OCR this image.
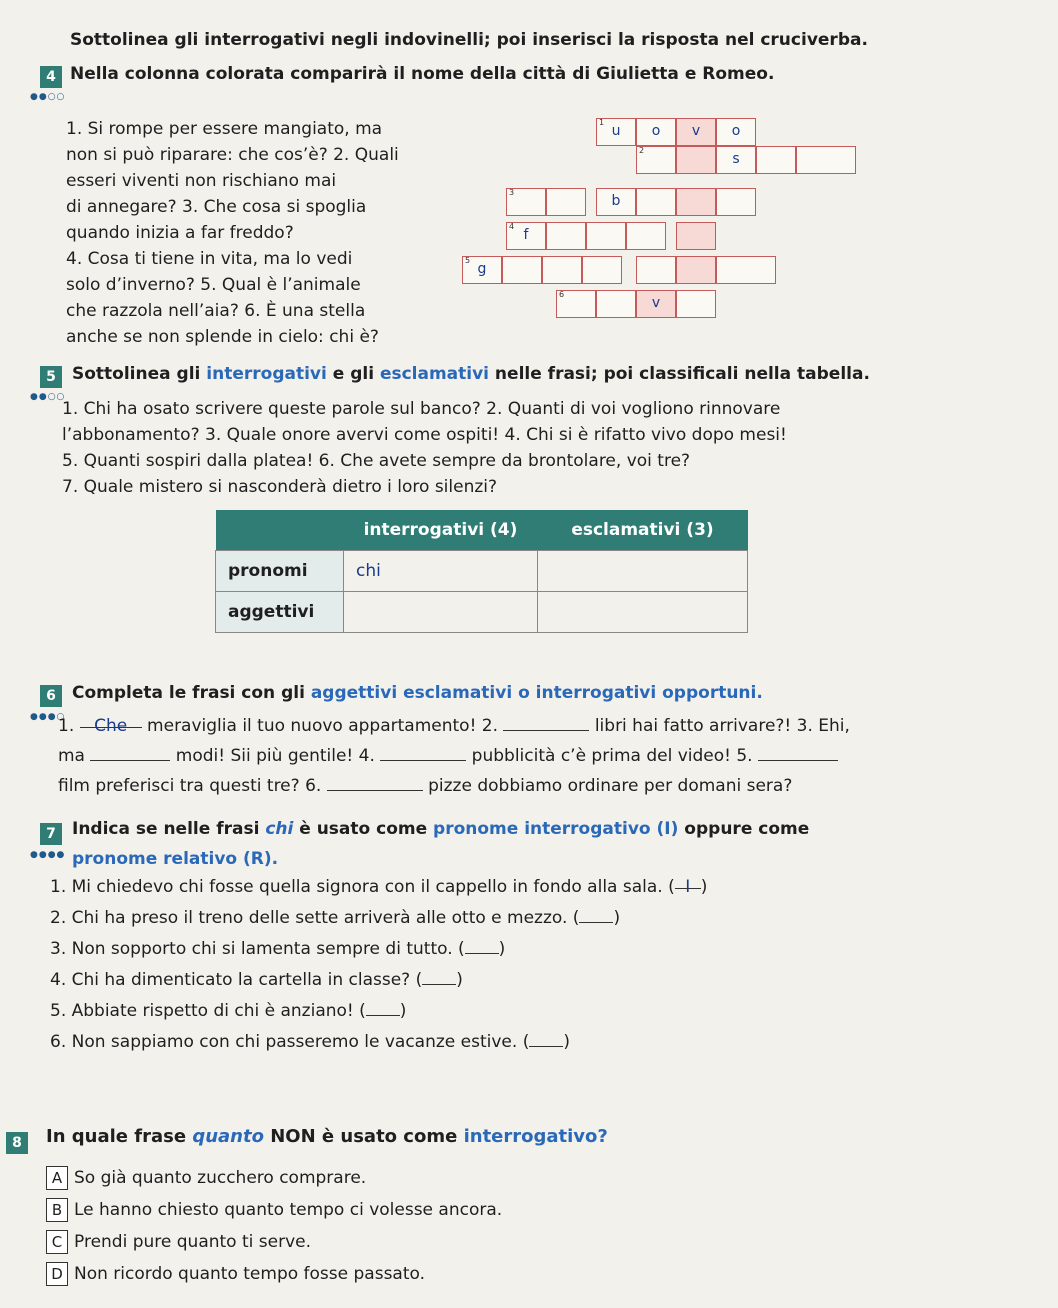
4
●●○○
Sottolinea gli interrogativi negli indovinelli; poi inserisci la risposta nel cruciverba.
Nella colonna colorata comparirà il nome della città di Giulietta e Romeo.
1. Si rompe per essere mangiato, ma
non si può riparare: che cos’è? 2. Quali
esseri viventi non rischiano mai
di annegare? 3. Che cosa si spoglia
quando inizia a far freddo?
4. Cosa ti tiene in vita, ma lo vedi
solo d’inverno? 5. Qual è l’animale
che razzola nell’aia? 6. È una stella
anche se non splende in cielo: chi è?
1
u	o	v	o
2
s
3
b
4
f
5
g
6
v
5
●●○○
Sottolinea gli interrogativi e gli esclamativi nelle frasi; poi classificali nella tabella.
1. Chi ha osato scrivere queste parole sul banco? 2. Quanti di voi vogliono rinnovare
l’abbonamento? 3. Quale onore avervi come ospiti! 4. Chi si è rifatto vivo dopo mesi!
5. Quanti sospiri dalla platea! 6. Che avete sempre da brontolare, voi tre?
7. Quale mistero si nasconderà dietro i loro silenzi?
	interrogativi (4)	esclamativi (3)
pronomi	chi	
aggettivi		
6
●●●○
Completa le frasi con gli aggettivi esclamativi o interrogativi opportuni.
1. Che meraviglia il tuo nuovo appartamento! 2.	libri hai fatto arrivare?! 3. Ehi,
ma	modi! Sii più gentile! 4.	pubblicità c’è prima del video! 5.
film preferisci tra questi tre? 6.	pizze dobbiamo ordinare per domani sera?
7
●●●●
Indica se nelle frasi chi è usato come pronome interrogativo (I) oppure come
pronome relativo (R).
1. Mi chiedevo chi fosse quella signora con il cappello in fondo alla sala. ( I )
2. Chi ha preso il treno delle sette arriverà alle otto e mezzo. ( )
3. Non sopporto chi si lamenta sempre di tutto. ( )
4. Chi ha dimenticato la cartella in classe? ( )
5. Abbiate rispetto di chi è anziano! ( )
6. Non sappiamo con chi passeremo le vacanze estive. ( )
8	In quale frase quanto NON è usato come interrogativo?
A So già quanto zucchero comprare.
B Le hanno chiesto quanto tempo ci volesse ancora.
C Prendi pure quanto ti serve.
D Non ricordo quanto tempo fosse passato.
